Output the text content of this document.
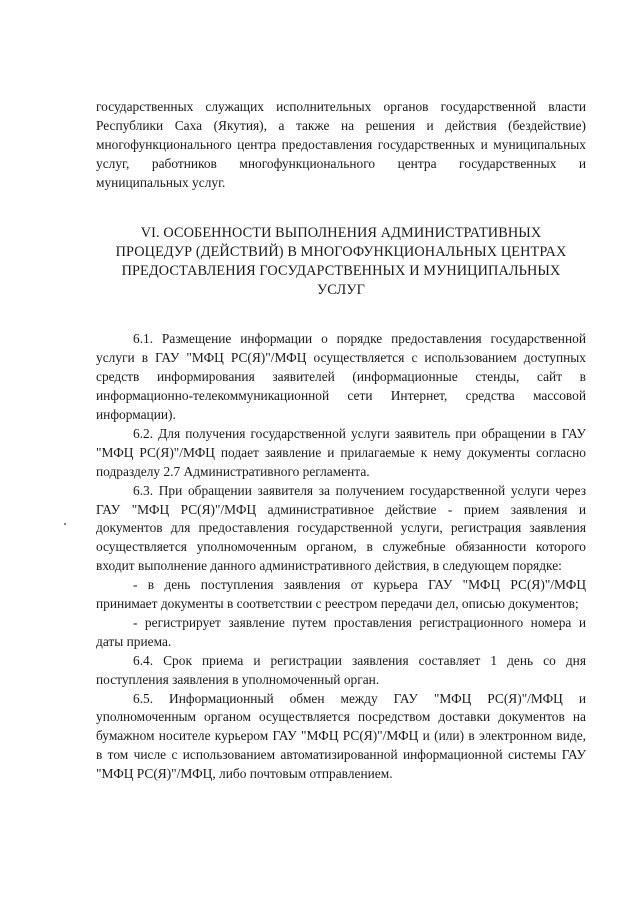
государственных служащих исполнительных органов государственной власти Республики Саха (Якутия), а также на решения и действия (бездействие) многофункционального центра предоставления государственных и муниципальных услуг, работников многофункционального центра государственных и муниципальных услуг.

VI. ОСОБЕННОСТИ ВЫПОЛНЕНИЯ АДМИНИСТРАТИВНЫХ
ПРОЦЕДУР (ДЕЙСТВИЙ) В МНОГОФУНКЦИОНАЛЬНЫХ ЦЕНТРАХ
ПРЕДОСТАВЛЕНИЯ ГОСУДАРСТВЕННЫХ И МУНИЦИПАЛЬНЫХ
УСЛУГ

6.1. Размещение информации о порядке предоставления государственной услуги в ГАУ "МФЦ РС(Я)"/МФЦ осуществляется с использованием доступных средств информирования заявителей (информационные стенды, сайт в информационно-телекоммуникационной сети Интернет, средства массовой информации).

6.2. Для получения государственной услуги заявитель при обращении в ГАУ "МФЦ РС(Я)"/МФЦ подает заявление и прилагаемые к нему документы согласно подразделу 2.7 Административного регламента.

6.3. При обращении заявителя за получением государственной услуги через ГАУ "МФЦ РС(Я)"/МФЦ административное действие - прием заявления и документов для предоставления государственной услуги, регистрация заявления осуществляется уполномоченным органом, в служебные обязанности которого входит выполнение данного административного действия, в следующем порядке:

- в день поступления заявления от курьера ГАУ "МФЦ РС(Я)"/МФЦ принимает документы в соответствии с реестром передачи дел, описью документов;

- регистрирует заявление путем проставления регистрационного номера и даты приема.

6.4. Срок приема и регистрации заявления составляет 1 день со дня поступления заявления в уполномоченный орган.

6.5. Информационный обмен между ГАУ "МФЦ РС(Я)"/МФЦ и уполномоченным органом осуществляется посредством доставки документов на бумажном носителе курьером ГАУ "МФЦ РС(Я)"/МФЦ и (или) в электронном виде, в том числе с использованием автоматизированной информационной системы ГАУ "МФЦ РС(Я)"/МФЦ, либо почтовым отправлением.
